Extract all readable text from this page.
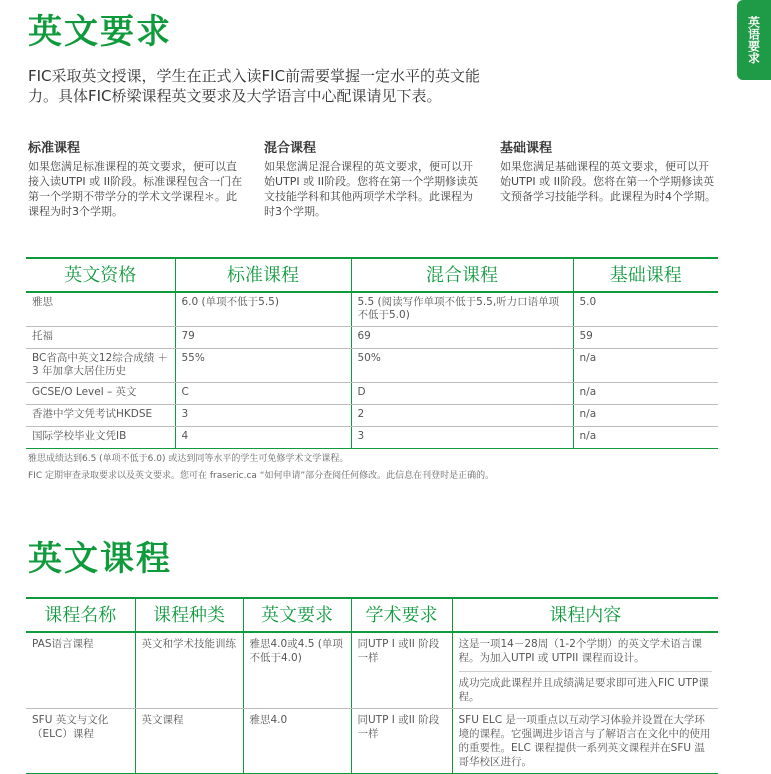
英语要求
英文要求
FIC采取英文授课，学生在正式入读FIC前需要掌握一定水平的英文能力。具体FIC桥梁课程英文要求及大学语言中心配课请见下表。
标准课程
如果您满足标准课程的英文要求，便可以直接入读UTPI 或 II阶段。标准课程包含一门在第一个学期不带学分的学术文学课程＊。此课程为时3个学期。
混合课程
如果您满足混合课程的英文要求，便可以开始UTPI 或 II阶段。您将在第一个学期修读英文技能学科和其他两项学术学科。此课程为时3个学期。
基础课程
如果您满足基础课程的英文要求，便可以开始UTPI 或 II阶段。您将在第一个学期修读英文预备学习技能学科。此课程为时4个学期。
英文资格	标准课程	混合课程	基础课程
雅思	6.0 (单项不低于5.5)	5.5 (阅读写作单项不低于5.5,听力口语单项不低于5.0)	5.0
托福	79	69	59
BC省高中英文12综合成绩 ＋ 3 年加拿大居住历史	55%	50%	n/a
GCSE/O Level – 英文	C	D	n/a
香港中学文凭考试HKDSE	3	2	n/a
国际学校毕业文凭IB	4	3	n/a
雅思成绩达到6.5 (单项不低于6.0) 或达到同等水平的学生可免修学术文学课程。
FIC 定期审查录取要求以及英文要求。您可在 fraseric.ca “如何申请”部分查阅任何修改。此信息在刊登时是正确的。
英文课程
课程名称	课程种类	英文要求	学术要求	课程内容
PAS语言课程	英文和学术技能训练	雅思4.0或4.5 (单项不低于4.0)	同UTP I 或II 阶段一样	这是一项14－28周（1-2个学期）的英文学术语言课程。为加入UTPI 或 UTPII 课程而设计。
成功完成此课程并且成绩满足要求即可进入FIC UTP课程。

SFU 英文与文化（ELC）课程	英文课程	雅思4.0	同UTP I 或II 阶段一样	SFU ELC 是一项重点以互动学习体验并设置在大学环境的课程。它强调进步语言与了解语言在文化中的使用的重要性。ELC 课程提供一系列英文课程并在SFU 温哥华校区进行。
